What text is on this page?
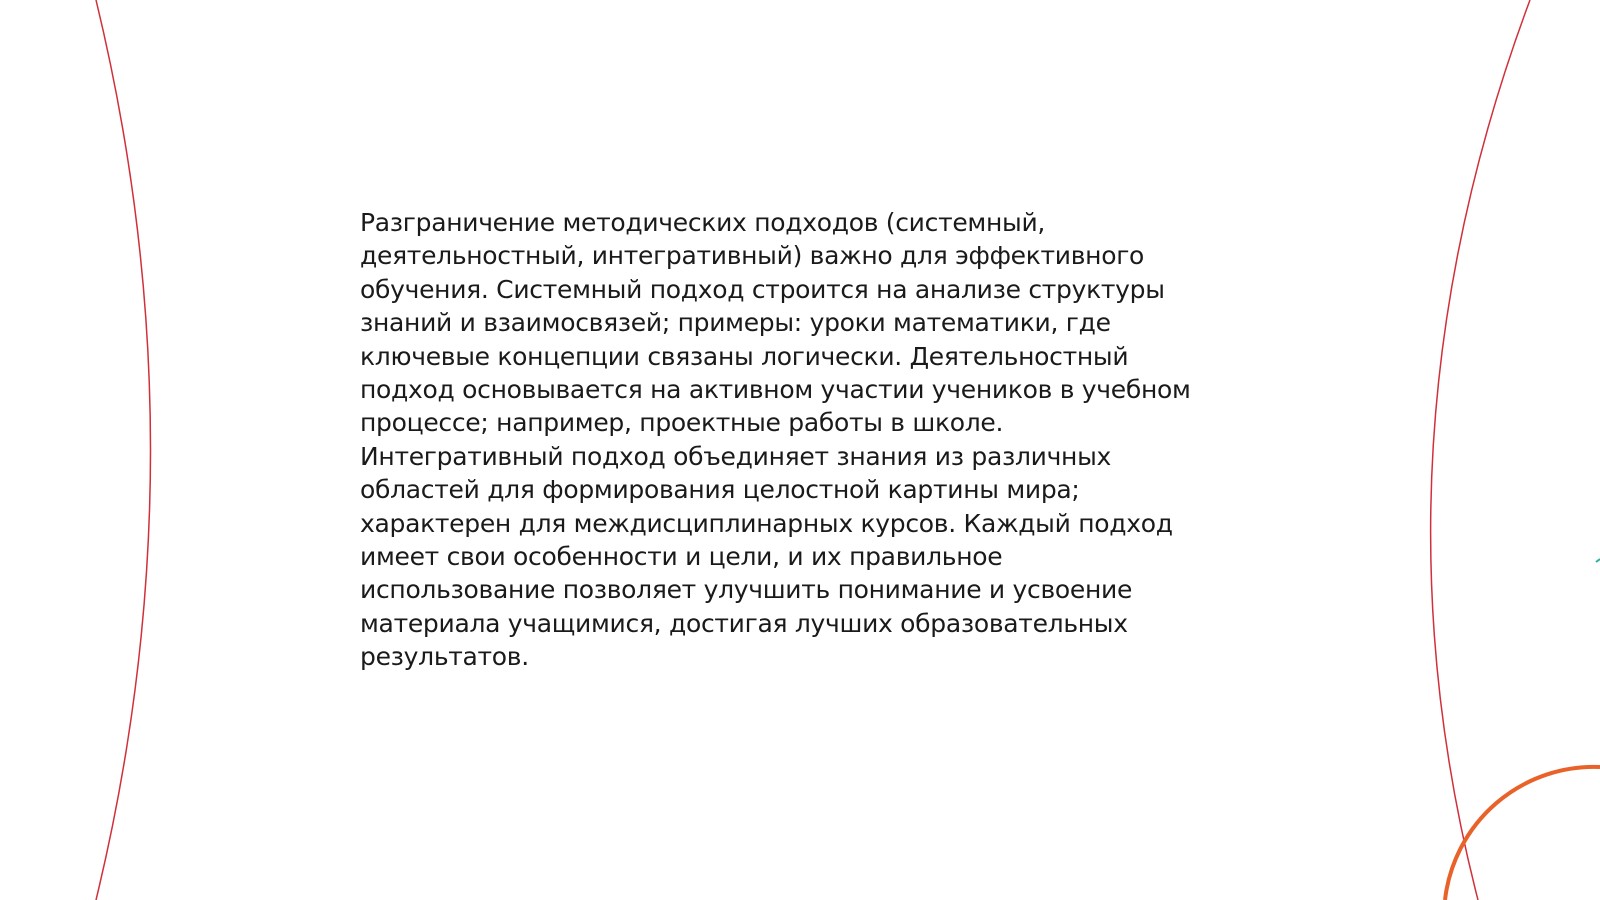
Разграничение методических подходов (системный,
деятельностный, интегративный) важно для эффективного
обучения. Системный подход строится на анализе структуры
знаний и взаимосвязей; примеры: уроки математики, где
ключевые концепции связаны логически. Деятельностный
подход основывается на активном участии учеников в учебном
процессе; например, проектные работы в школе.
Интегративный подход объединяет знания из различных
областей для формирования целостной картины мира;
характерен для междисциплинарных курсов. Каждый подход
имеет свои особенности и цели, и их правильное
использование позволяет улучшить понимание и усвоение
материала учащимися, достигая лучших образовательных
результатов.
